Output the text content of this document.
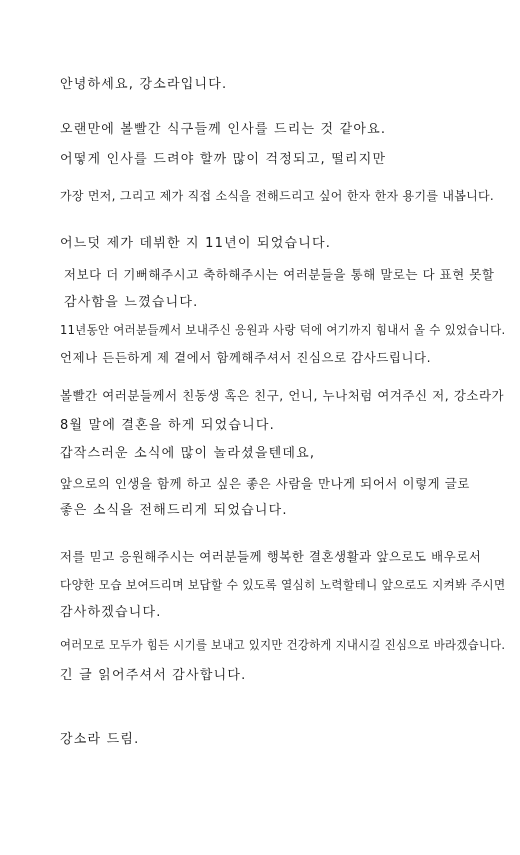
안녕하세요, 강소라입니다.
오랜만에 볼빨간 식구들께 인사를 드리는 것 같아요.
어떻게 인사를 드려야 할까 많이 걱정되고, 떨리지만
가장 먼저, 그리고 제가 직접 소식을 전해드리고 싶어 한자 한자 용기를 내봅니다.
어느덧 제가 데뷔한 지 11년이 되었습니다.
저보다 더 기뻐해주시고 축하해주시는 여러분들을 통해 말로는 다 표현 못할
감사함을 느꼈습니다.
11년동안 여러분들께서 보내주신 응원과 사랑 덕에 여기까지 힘내서 올 수 있었습니다.
언제나 든든하게 제 곁에서 함께해주셔서 진심으로 감사드립니다.
볼빨간 여러분들께서 친동생 혹은 친구, 언니, 누나처럼 여겨주신 저, 강소라가
8월 말에 결혼을 하게 되었습니다.
갑작스러운 소식에 많이 놀라셨을텐데요,
앞으로의 인생을 함께 하고 싶은 좋은 사람을 만나게 되어서 이렇게 글로
좋은 소식을 전해드리게 되었습니다.
저를 믿고 응원해주시는 여러분들께 행복한 결혼생활과 앞으로도 배우로서
다양한 모습 보여드리며 보답할 수 있도록 열심히 노력할테니 앞으로도 지켜봐 주시면
감사하겠습니다.
여러모로 모두가 힘든 시기를 보내고 있지만 건강하게 지내시길 진심으로 바라겠습니다.
긴 글 읽어주셔서 감사합니다.
강소라 드림.
